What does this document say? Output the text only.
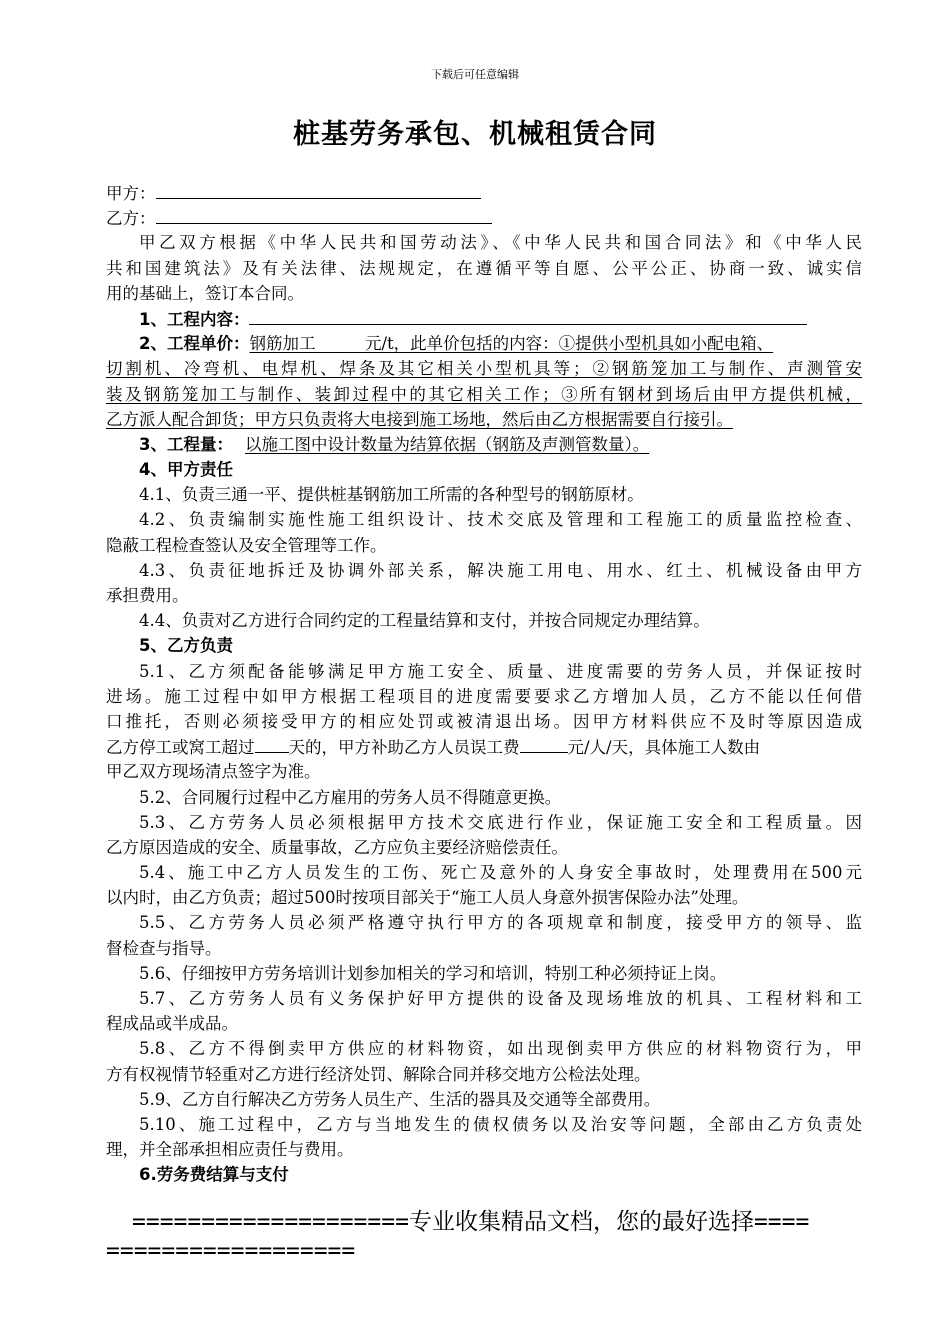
下载后可任意编辑
桩基劳务承包、机械租赁合同
甲方：
乙方：
甲乙双方根据《中华人民共和国劳动法》、《中华人民共和国合同法》和《中华人民
共和国建筑法》及有关法律、法规规定，在遵循平等自愿、公平公正、协商一致、诚实信
用的基础上，签订本合同。
1、工程内容：
2、工程单价：钢筋加工　　　元/t，此单价包括的内容：①提供小型机具如小配电箱、
切割机、冷弯机、电焊机、焊条及其它相关小型机具等；②钢筋笼加工与制作、声测管安
装及钢筋笼加工与制作、装卸过程中的其它相关工作；③所有钢材到场后由甲方提供机械，
乙方派人配合卸货；甲方只负责将大电接到施工场地，然后由乙方根据需要自行接引。
3、工程量： 以施工图中设计数量为结算依据（钢筋及声测管数量）。
4、甲方责任
4.1、负责三通一平、提供桩基钢筋加工所需的各种型号的钢筋原材。
4.2、负责编制实施性施工组织设计、技术交底及管理和工程施工的质量监控检查、
隐蔽工程检查签认及安全管理等工作。
4.3、负责征地拆迁及协调外部关系，解决施工用电、用水、红土、机械设备由甲方
承担费用。
4.4、负责对乙方进行合同约定的工程量结算和支付，并按合同规定办理结算。
5、乙方负责
5.1、乙方须配备能够满足甲方施工安全、质量、进度需要的劳务人员，并保证按时
进场。施工过程中如甲方根据工程项目的进度需要要求乙方增加人员，乙方不能以任何借
口推托，否则必须接受甲方的相应处罚或被清退出场。因甲方材料供应不及时等原因造成
乙方停工或窝工超过 天的，甲方补助乙方人员误工费	元/人/天，具体施工人数由
甲乙双方现场清点签字为准。
5.2、合同履行过程中乙方雇用的劳务人员不得随意更换。
5.3、乙方劳务人员必须根据甲方技术交底进行作业，保证施工安全和工程质量。因
乙方原因造成的安全、质量事故，乙方应负主要经济赔偿责任。
5.4、施工中乙方人员发生的工伤、死亡及意外的人身安全事故时，处理费用在500元
以内时，由乙方负责；超过500时按项目部关于“施工人员人身意外损害保险办法”处理。
5.5、乙方劳务人员必须严格遵守执行甲方的各项规章和制度，接受甲方的领导、监
督检查与指导。
5.6、仔细按甲方劳务培训计划参加相关的学习和培训，特别工种必须持证上岗。
5.7、乙方劳务人员有义务保护好甲方提供的设备及现场堆放的机具、工程材料和工
程成品或半成品。
5.8、乙方不得倒卖甲方供应的材料物资，如出现倒卖甲方供应的材料物资行为，甲
方有权视情节轻重对乙方进行经济处罚、解除合同并移交地方公检法处理。
5.9、乙方自行解决乙方劳务人员生产、生活的器具及交通等全部费用。
5.10、施工过程中，乙方与当地发生的债权债务以及治安等问题，全部由乙方负责处
理，并全部承担相应责任与费用。
6.劳务费结算与支付
====================专业收集精品文档，您的最好选择====
==================
